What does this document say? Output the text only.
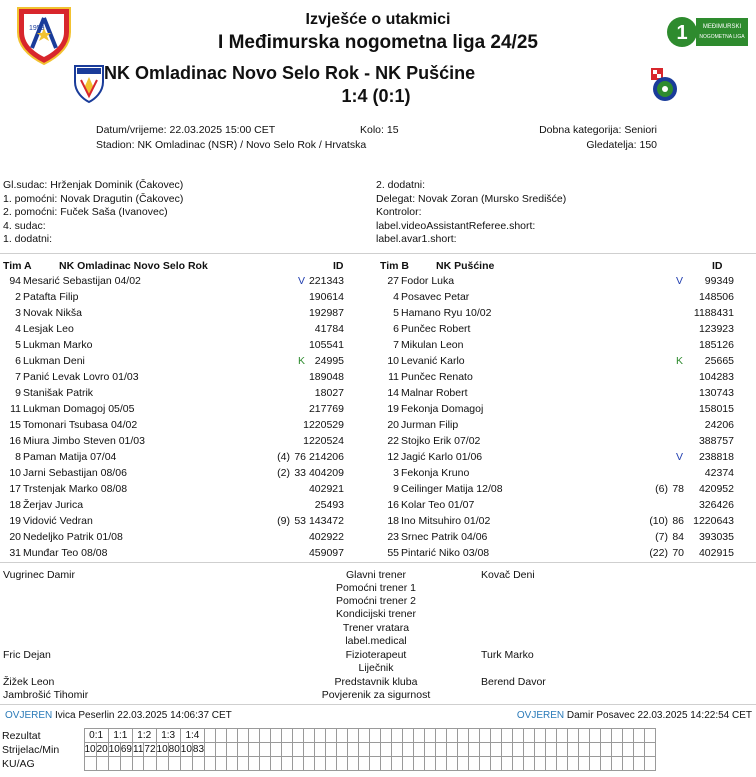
1959	1	MEĐIMURSKI
NOGOMETNA LIGA
Izvješće o utakmici
I Međimurska nogometna liga 24/25
NK Omladinac Novo Selo Rok - NK Pušćine
1:4 (0:1)
Datum/vrijeme: 22.03.2025 15:00 CET	Kolo: 15	Dobna kategorija: Seniori
Stadion: NK Omladinac (NSR) / Novo Selo Rok / Hrvatska	Gledatelja: 150
Gl.sudac: Hrženjak Dominik (Čakovec)
1. pomoćni: Novak Dragutin (Čakovec)
2. pomoćni: Fuček Saša (Ivanovec)
4. sudac:
1. dodatni:
2. dodatni:
Delegat: Novak Zoran (Mursko Središće)
Kontrolor:
label.videoAssistantReferee.short:
label.avar1.short:
Tim A	NK Omladinac Novo Selo Rok	ID	Tim B	NK Pušćine	ID
94 Mesarić Sebastijan 04/02	V 221343
2 Patafta Filip	190614
3 Novak Nikša	192987
4 Lesjak Leo	41784
5 Lukman Marko	105541
6 Lukman Deni	K 24995
7 Panić Levak Lovro 01/03	189048
9 Stanišak Patrik	18027
11 Lukman Domagoj 05/05	217769
15 Tomonari Tsubasa 04/02	1220529
16 Miura Jimbo Steven 01/03	1220524
27 Fodor Luka	V	99349
4 Posavec Petar	148506
5 Hamano Ryu 10/02	1188431
6 Punčec Robert	123923
7 Mikulan Leon	185126
10 Levanić Karlo	K	25665
11 Punčec Renato	104283
14 Malnar Robert	130743
19 Fekonja Domagoj	158015
20 Jurman Filip	24206
22 Stojko Erik 07/02	388757
8 Paman Matija 07/04	(4) 76 214206
10 Jarni Sebastijan 08/06	(2) 33 404209
17 Trstenjak Marko 08/08	402921
18 Žerjav Jurica	25493
19 Vidović Vedran	(9) 53 143472
20 Nedeljko Patrik 01/08	402922
31 Munđar Teo 08/08	459097
12 Jagić Karlo 01/06	V	238818
3 Fekonja Kruno	42374
9 Ceilinger Matija 12/08	(6) 78	420952
16 Kolar Teo 01/07	326426
18 Ino Mitsuhiro 01/02	(10) 86 1220643
23 Srnec Patrik 04/06	(7) 84	393035
55 Pintarić Niko 03/08	(22) 70	402915
Vugrinec Damir	Glavni trener	Kovač Deni
Pomoćni trener 1
Pomoćni trener 2
Kondicijski trener
Trener vratara
label.medical
Fric Dejan	Fizioterapeut	Turk Marko
Liječnik
Žižek Leon	Predstavnik kluba	Berend Davor
Jambrošić Tihomir	Povjerenik za sigurnost
OVJEREN Ivica Peserlin 22.03.2025 14:06:37 CET	OVJEREN Damir Posavec 22.03.2025 14:22:54 CET
Rezultat	0:1		1:1		1:2		1:3		1:4																																										
Strijelac/Min	10	20	10	69	11	72	10	80	10	83																																									
KU/AG																																																			
